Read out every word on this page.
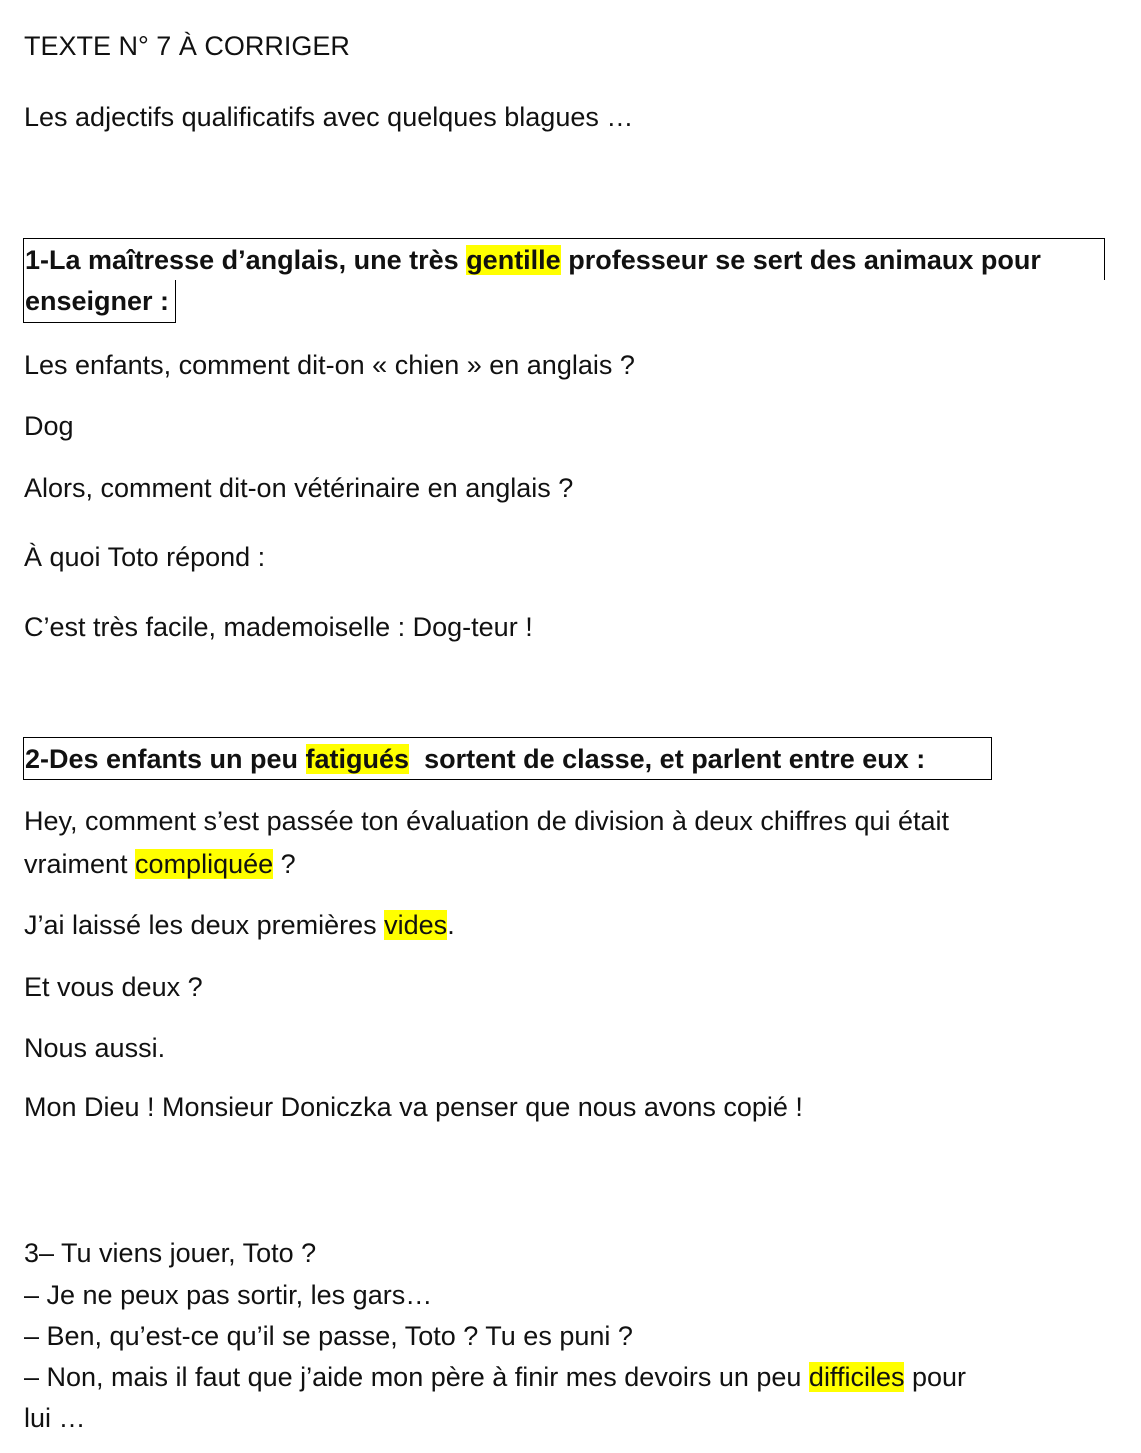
TEXTE N° 7 À CORRIGER

Les adjectifs qualificatifs avec quelques blagues …

1-La maîtresse d’anglais, une très gentille professeur se sert des animaux pour
enseigner :

Les enfants, comment dit-on « chien » en anglais ?

Dog

Alors, comment dit-on vétérinaire en anglais ?

À quoi Toto répond :

C’est très facile, mademoiselle : Dog-teur !

2-Des enfants un peu fatigués  sortent de classe, et parlent entre eux :

Hey, comment s’est passée ton évaluation de division à deux chiffres qui était

vraiment compliquée ?

J’ai laissé les deux premières vides.

Et vous deux ?

Nous aussi.

Mon Dieu ! Monsieur Doniczka va penser que nous avons copié !

3– Tu viens jouer, Toto ?

– Je ne peux pas sortir, les gars…

– Ben, qu’est-ce qu’il se passe, Toto ? Tu es puni ?

– Non, mais il faut que j’aide mon père à finir mes devoirs un peu difficiles pour

lui …
